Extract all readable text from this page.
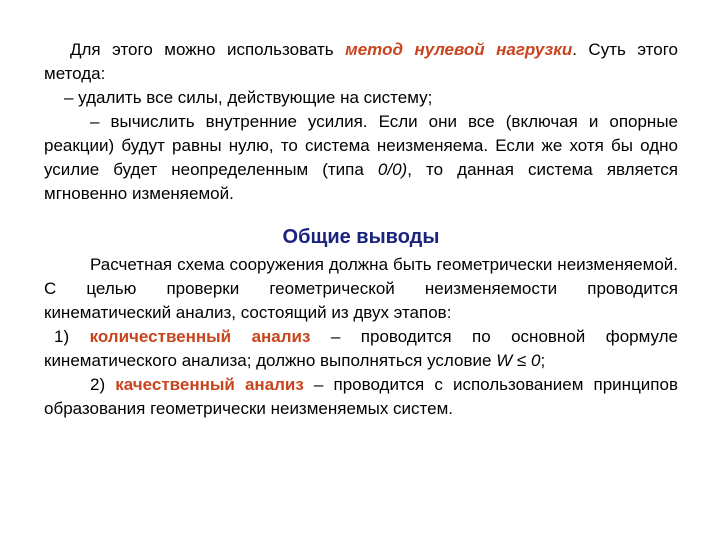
Для этого можно использовать метод нулевой нагрузки. Суть этого метода:

– удалить все силы, действующие на систему;

– вычислить внутренние усилия. Если они все (включая и опорные реакции) будут равны нулю, то система неизменяема. Если же хотя бы одно усилие будет неопределенным (типа 0/0), то данная система является мгновенно изменяемой.

Общие выводы

Расчетная схема сооружения должна быть геометрически неизменяемой. С целью проверки геометрической неизменяемости проводится кинематический анализ, состоящий из двух этапов:

1) количественный анализ – проводится по основной формуле кинематического анализа; должно выполняться условие W ≤ 0;

2) качественный анализ – проводится с использованием принципов образования геометрически неизменяемых систем.
